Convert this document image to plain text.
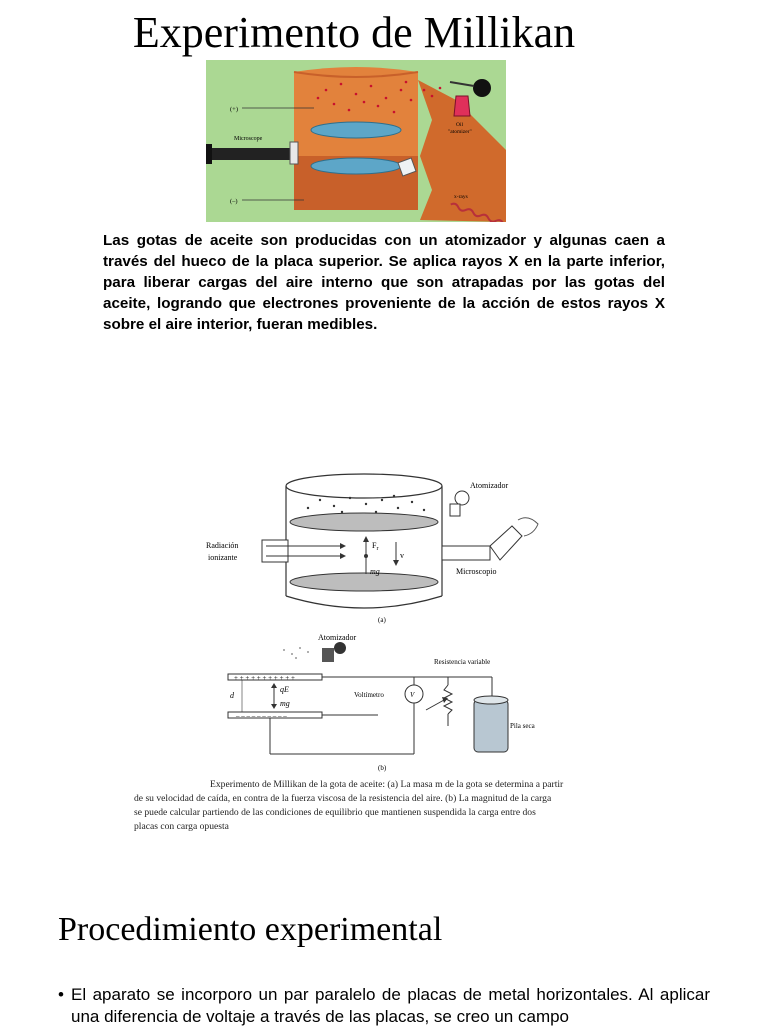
Experimento de Millikan
(+)
(–)
Microscope
Oil
"atomizer"
x-rays
Las gotas de aceite son producidas con un atomizador y algunas caen a través del hueco de la placa superior. Se aplica rayos X en la parte inferior, para liberar cargas del aire interno que son atrapadas por las gotas del aceite, logrando que electrones proveniente de la acción de estos rayos X sobre el aire interior, fueran medibles.
Radiación
ionizante
Atomizador
Microscopio
$F_r$
v
mg
(a)
+ + + + + + + + + + +
– – – – – – – – – –
d
qE
mg
Atomizador
Resistencia variable
Voltímetro	V
Pila seca
(b)
Experimento de Millikan de la gota de aceite: (a) La masa m de la gota se determina a partir
de su velocidad de caída, en contra de la fuerza viscosa de la resistencia del aire. (b) La magnitud de la carga
se puede calcular partiendo de las condiciones de equilibrio que mantienen suspendida la carga entre dos
placas con carga opuesta
Procedimiento experimental
• El aparato se incorporo un par paralelo de placas de metal horizontales. Al aplicar una diferencia de voltaje a través de las placas, se creo un campo
